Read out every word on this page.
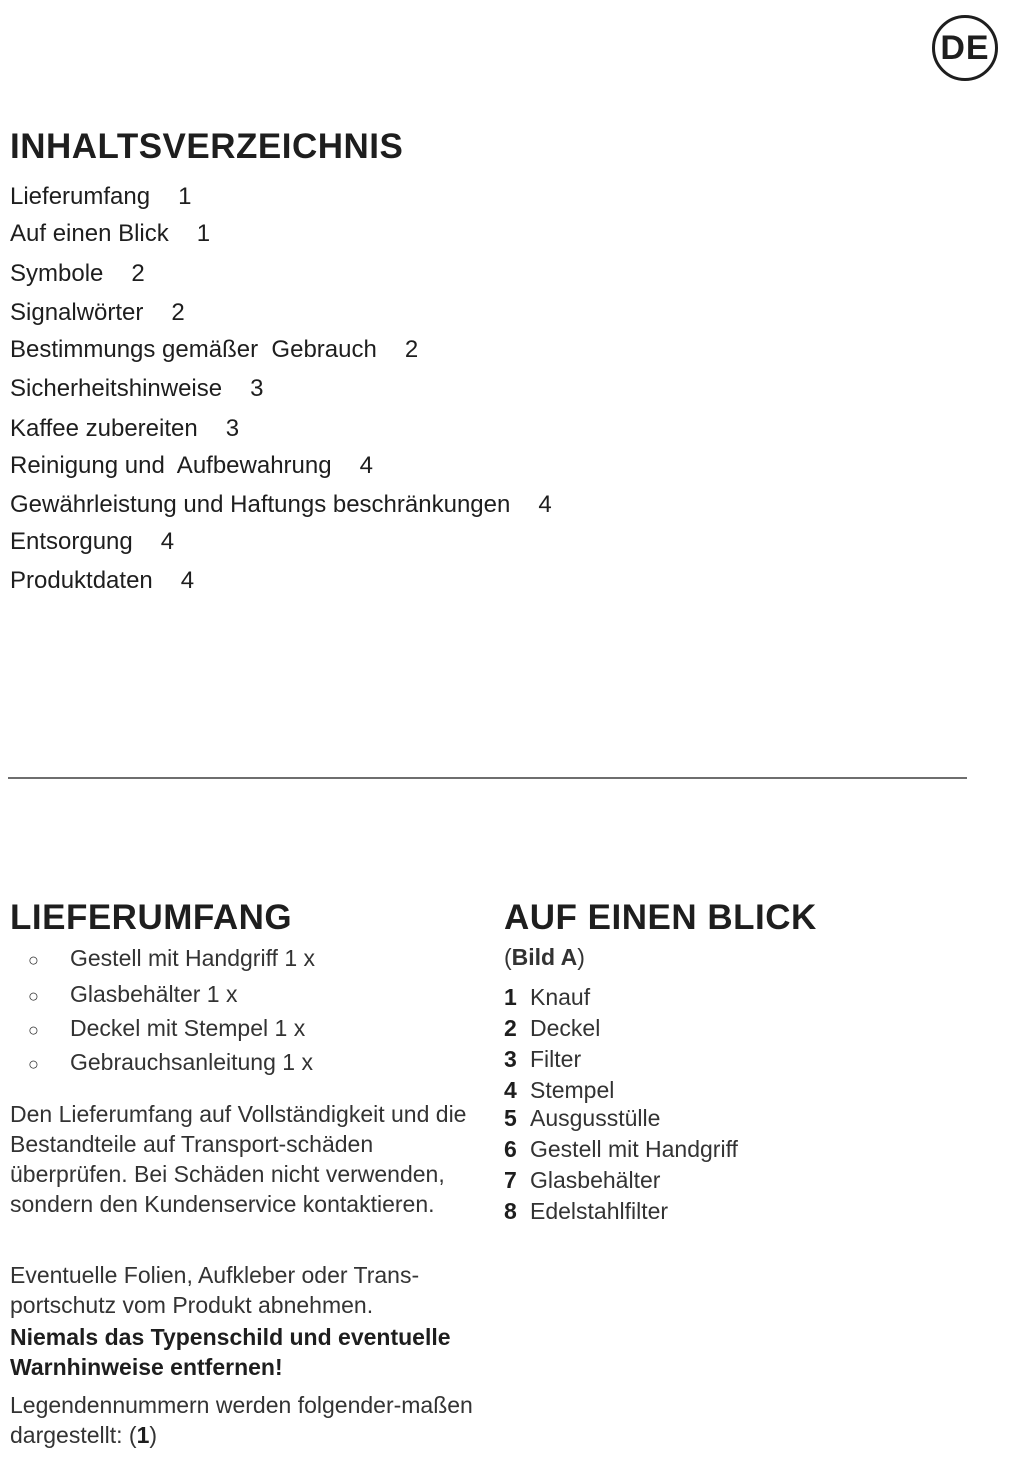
DE
INHALTSVERZEICHNIS
Lieferumfang 1
Auf einen Blick 1
Symbole 2
Signalwörter 2
Bestimmungs gemäßer  Gebrauch 2
Sicherheitshinweise 3
Kaffee zubereiten 3
Reinigung und  Aufbewahrung 4
Gewährleistung und Haftungs beschränkungen 4
Entsorgung 4
Produktdaten 4
LIEFERUMFANG
○ Gestell mit Handgriff 1 x
○ Glasbehälter 1 x
○ Deckel mit Stempel 1 x
○ Gebrauchsanleitung 1 x

Den Lieferumfang auf Vollständigkeit und die Bestandteile auf Transport-schäden überprüfen. Bei Schäden nicht verwenden, sondern den Kundenservice kontaktieren.

Eventuelle Folien, Aufkleber oder Trans-portschutz vom Produkt abnehmen.

Niemals das Typenschild und eventuelle Warnhinweise entfernen!

Legendennummern werden folgender-maßen dargestellt: (1)

AUF EINEN BLICK
(Bild A)
1 Knauf
2 Deckel
3 Filter
4 Stempel
5 Ausgusstülle
6 Gestell mit Handgriff
7 Glasbehälter
8 Edelstahlfilter
